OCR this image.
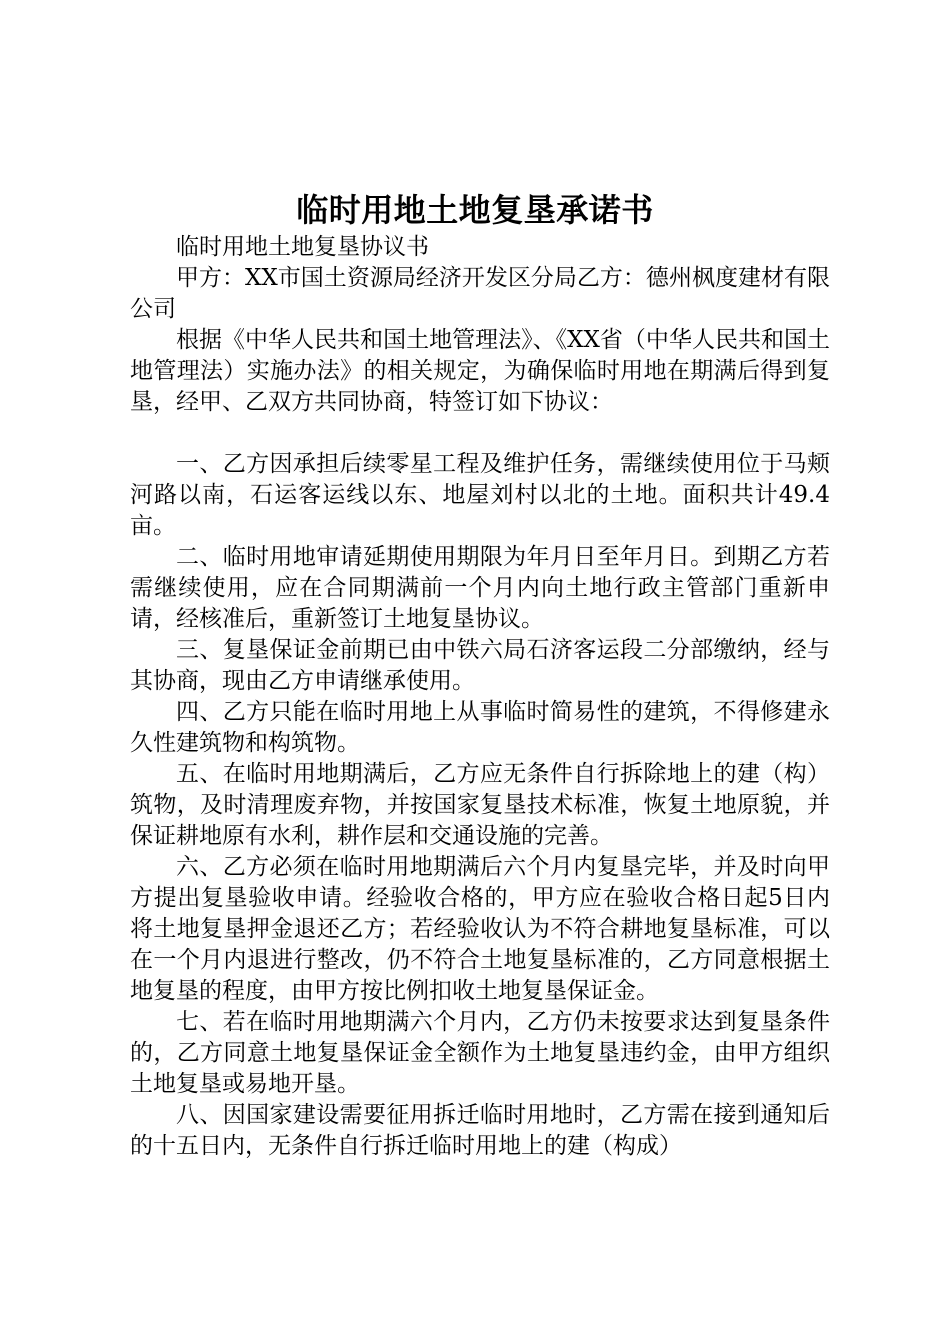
临时用地土地复垦承诺书

临时用地土地复垦协议书

甲方：XX市国土资源局经济开发区分局乙方：德州枫度建材有限公司

根据《中华人民共和国土地管理法》、《XX省（中华人民共和国土地管理法）实施办法》的相关规定，为确保临时用地在期满后得到复垦，经甲、乙双方共同协商，特签订如下协议：

一、乙方因承担后续零星工程及维护任务，需继续使用位于马颊河路以南，石运客运线以东、地屋刘村以北的土地。面积共计49.4亩。

二、临时用地审请延期使用期限为年月日至年月日。到期乙方若需继续使用，应在合同期满前一个月内向土地行政主管部门重新申请，经核准后，重新签订土地复垦协议。

三、复垦保证金前期已由中铁六局石济客运段二分部缴纳，经与其协商，现由乙方申请继承使用。

四、乙方只能在临时用地上从事临时简易性的建筑，不得修建永久性建筑物和构筑物。

五、在临时用地期满后，乙方应无条件自行拆除地上的建（构）筑物，及时清理废弃物，并按国家复垦技术标准，恢复土地原貌，并保证耕地原有水利，耕作层和交通设施的完善。

六、乙方必须在临时用地期满后六个月内复垦完毕，并及时向甲方提出复垦验收申请。经验收合格的，甲方应在验收合格日起5日内将土地复垦押金退还乙方；若经验收认为不符合耕地复垦标准，可以在一个月内退进行整改，仍不符合土地复垦标准的，乙方同意根据土地复垦的程度，由甲方按比例扣收土地复垦保证金。

七、若在临时用地期满六个月内，乙方仍未按要求达到复垦条件的，乙方同意土地复垦保证金全额作为土地复垦违约金，由甲方组织土地复垦或易地开垦。

八、因国家建设需要征用拆迁临时用地时，乙方需在接到通知后的十五日内，无条件自行拆迁临时用地上的建（构成）
